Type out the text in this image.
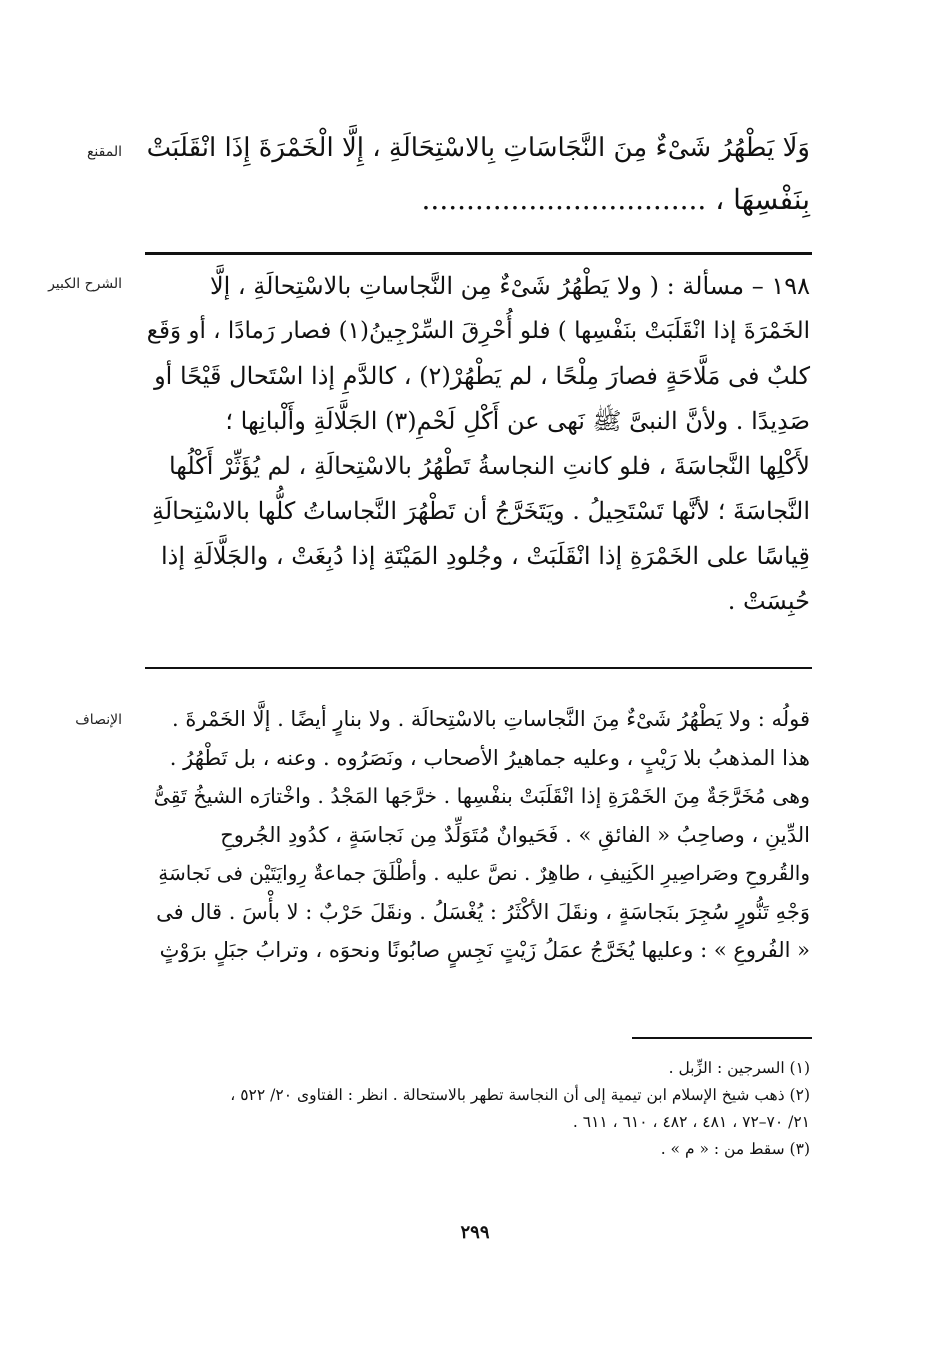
المقنع وَلَا يَطْهُرُ شَىْءٌ مِنَ النَّجَاسَاتِ بِالاسْتِحَالَةِ ، إِلَّا الْخَمْرَةَ إِذَا انْقَلَبَتْ
بِنَفْسِهَا ، ................................
الشرح الكبير	١٩٨ – مسألة : ( ولا يَطْهُرُ شَىْءٌ مِن النَّجاساتِ بالاسْتِحالَةِ ، إلَّا
الخَمْرَةَ إذا انْقَلَبَتْ بنَفْسِها ) فلو أُحْرِقَ السِّرْجِينُ(١) فصار رَمادًا ، أو وَقَع
كلبٌ فى مَلَّاحَةٍ فصارَ مِلْحًا ، لم يَطْهُرْ(٢) ، كالدَّمِ إذا اسْتَحال قَيْحًا أو
صَدِيدًا . ولأنَّ النبىَّ ﷺ نَهى عن أَكْلِ لَحْمِ(٣) الجَلَّالَةِ وأَلْبانِها ؛
لأَكْلِها النَّجاسَةَ ، فلو كانتِ النجاسةُ تَطْهُرُ بالاسْتِحالَةِ ، لم يُؤَثِّرْ أَكْلُها
النَّجاسَةَ ؛ لأنَّها تَسْتَحِيلُ . ويَتَخَرَّجُ أن تَطْهُرَ النَّجاساتُ كلُّها بالاسْتِحالَةِ
قِياسًا على الخَمْرَةِ إذا انْقَلَبَتْ ، وجُلودِ المَيْتَةِ إذا دُبِغَتْ ، والجَلَّالَةِ إذا
حُبِسَتْ .
الإنصاف	قولُه : ولا يَطْهُرُ شَىْءٌ مِنَ النَّجاساتِ بالاسْتِحالَة . ولا بنارٍ أيضًا . إلَّا الخَمْرةَ .
هذا المذهبُ بلا رَيْبٍ ، وعليه جماهيرُ الأصحاب ، ونَصَرُوه . وعنه ، بل تَطْهُرُ .
وهى مُخَرَّجَةٌ مِنَ الخَمْرَةِ إذا انْقَلَبَتْ بنفْسِها . خرَّجَها المَجْدُ . واخْتارَه الشيخُ تَقِىُّ
الدِّينِ ، وصاحِبُ « الفائقِ » . فَحَيوانٌ مُتَوَلِّدٌ مِن نَجاسَةٍ ، كدُودِ الجُروحِ
والقُروحِ وصَراصِيرِ الكَنِيفِ ، طاهِرٌ . نصَّ عليه . وأطْلَقَ جماعةٌ رِوايَتَيْن فى نَجاسَةِ
وَجْهِ تَنُّورٍ سُجِرَ بنَجاسَةٍ ، ونقَلَ الأكْثَرُ : يُغْسَلُ . ونقَلَ حَرْبٌ : لا بأْسَ . قال فى
« الفُروعِ » : وعليها يُخَرَّجُ عمَلُ زَيْتٍ نَجِسٍ صابُونًا ونحوَه ، وترابُ جبَلٍ برَوْثٍ
(١) السرجين : الزِّبل .
(٢) ذهب شيخ الإسلام ابن تيمية إلى أن النجاسة تطهر بالاستحالة . انظر : الفتاوى ٢٠/ ٥٢٢ ،
٢١/ ٧٠–٧٢ ، ٤٨١ ، ٤٨٢ ، ٦١٠ ، ٦١١ .
(٣) سقط من : « م » .
٢٩٩
